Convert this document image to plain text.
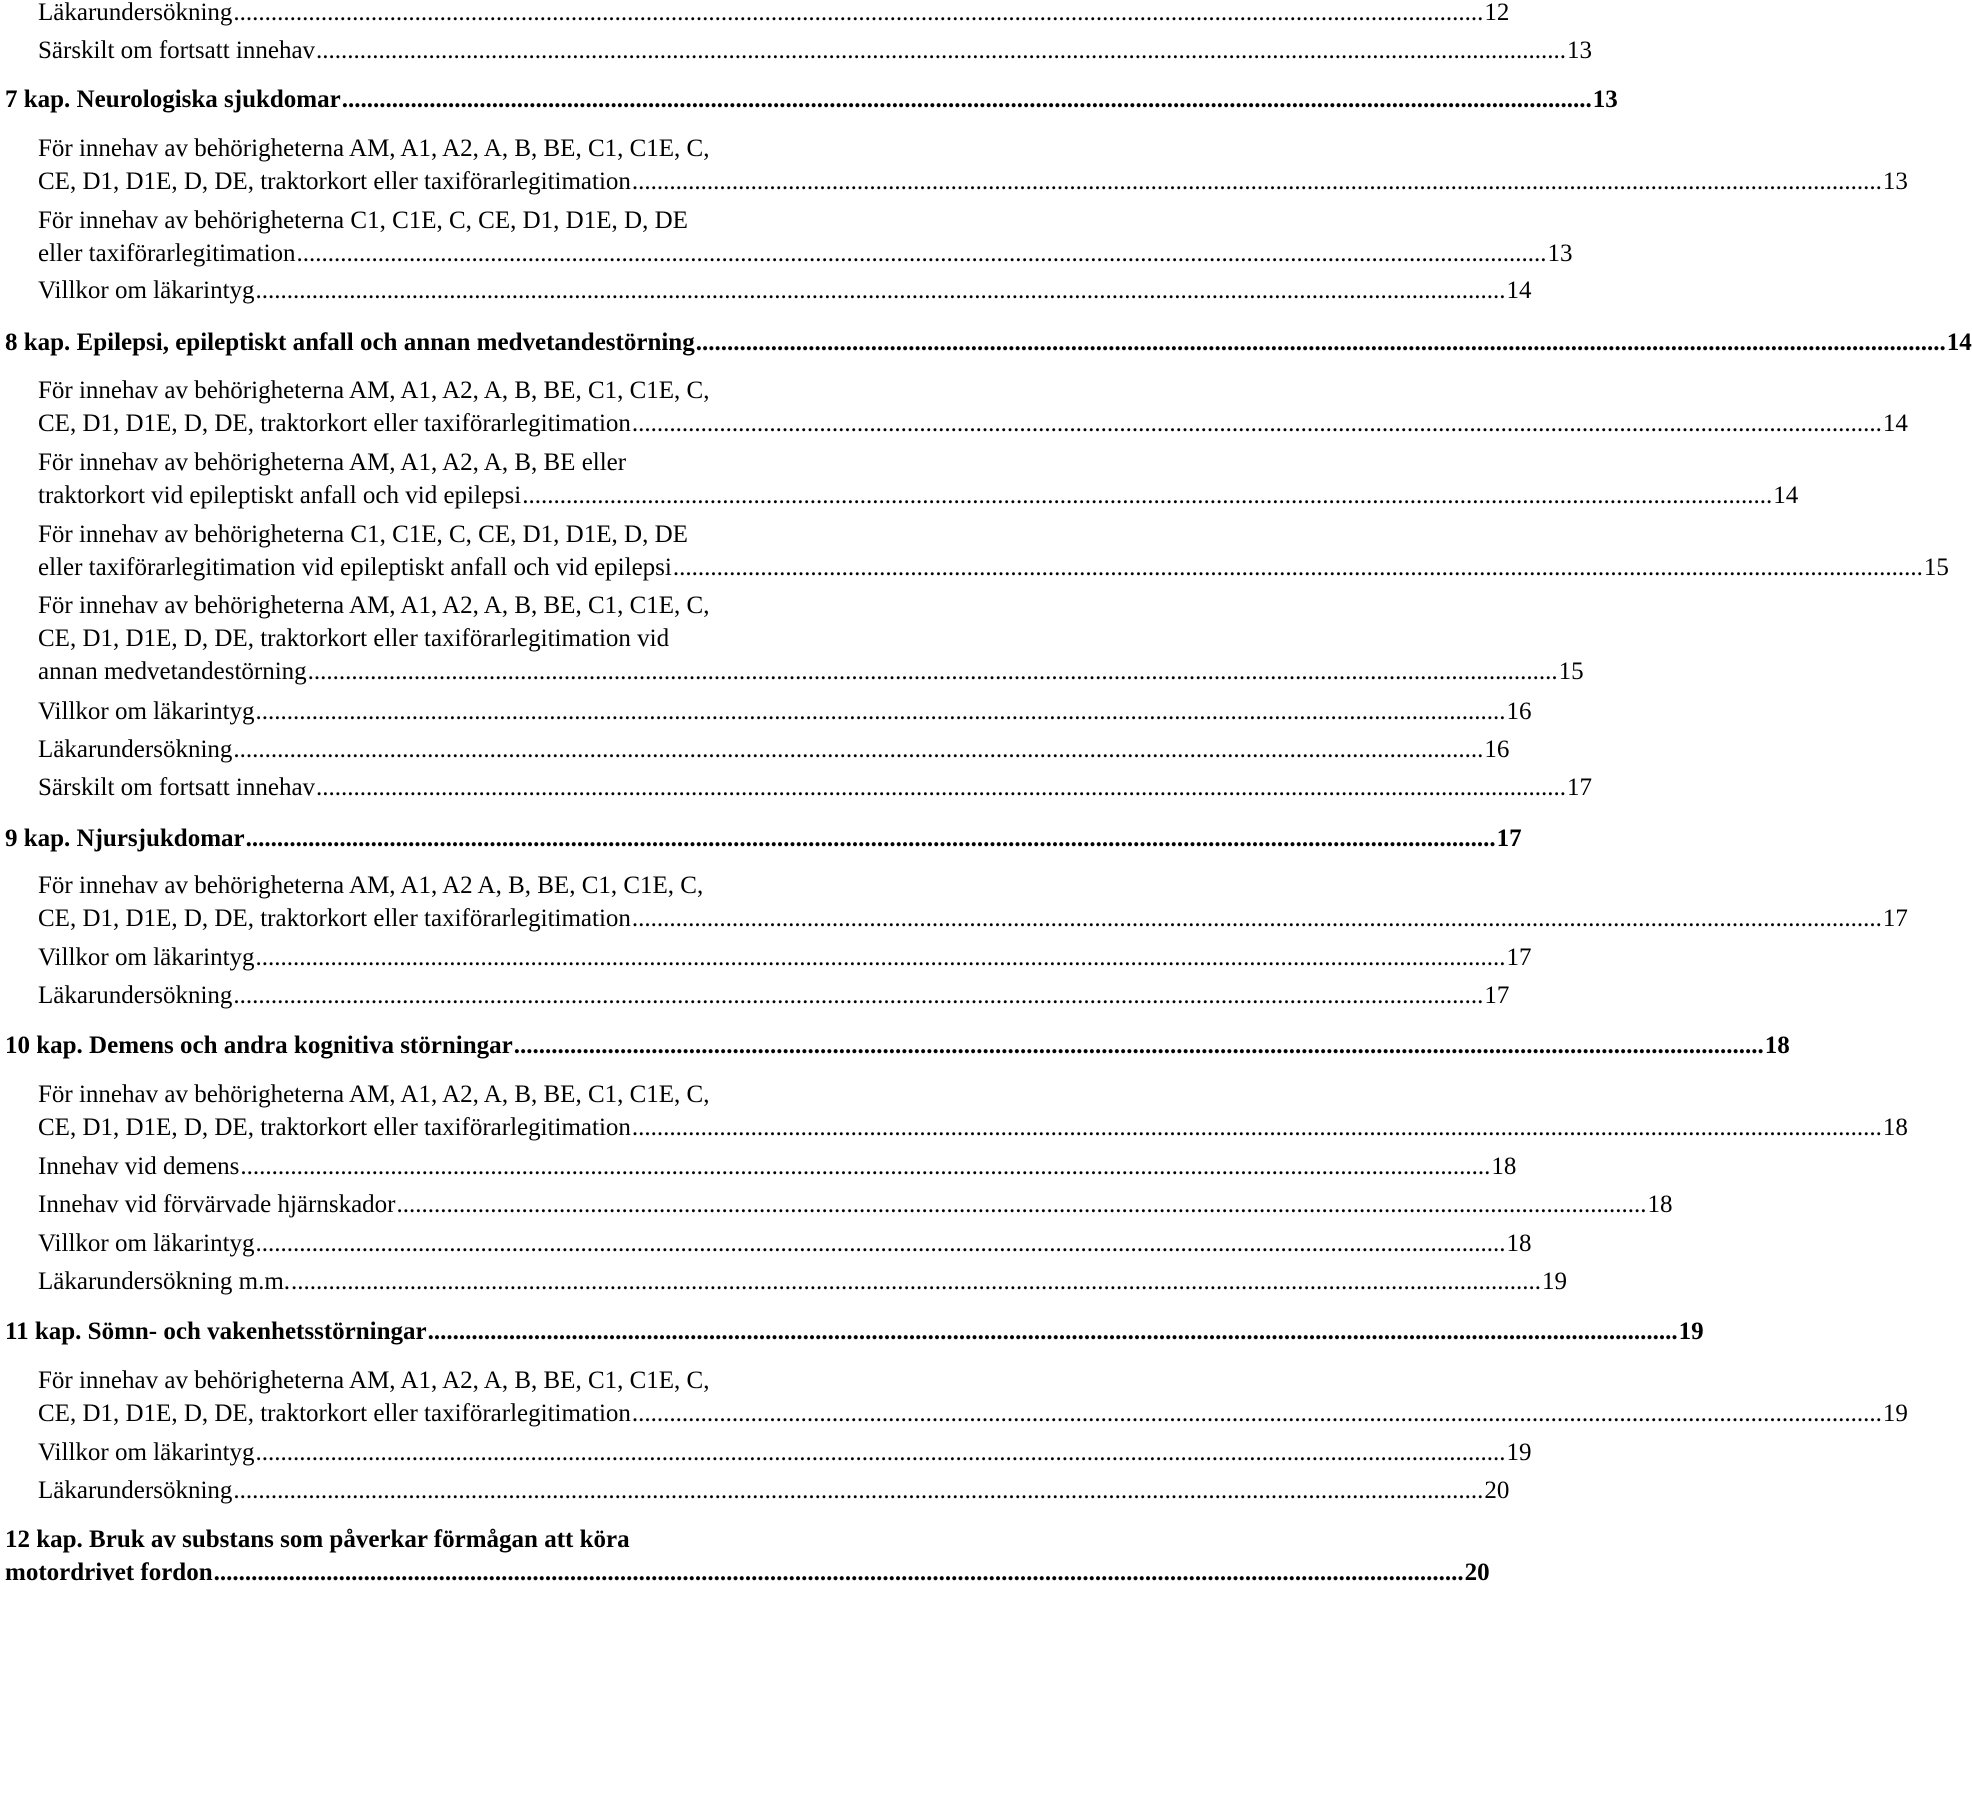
Läkarundersökning ........................................................................................................................................................................................................ 12
Särskilt om fortsatt innehav ........................................................................................................................................................................................................ 13
7 kap. Neurologiska sjukdomar ........................................................................................................................................................................................................ 13
För innehav av behörigheterna AM, A1, A2, A, B, BE, C1, C1E, C,
CE, D1, D1E, D, DE, traktorkort eller taxiförarlegitimation ........................................................................................................................................................................................................ 13
För innehav av behörigheterna C1, C1E, C, CE, D1, D1E, D, DE
eller taxiförarlegitimation ........................................................................................................................................................................................................ 13
Villkor om läkarintyg ........................................................................................................................................................................................................ 14
8 kap. Epilepsi, epileptiskt anfall och annan medvetandestörning ........................................................................................................................................................................................................ 14
För innehav av behörigheterna AM, A1, A2, A, B, BE, C1, C1E, C,
CE, D1, D1E, D, DE, traktorkort eller taxiförarlegitimation ........................................................................................................................................................................................................ 14
För innehav av behörigheterna AM, A1, A2, A, B, BE eller
traktorkort vid epileptiskt anfall och vid epilepsi ........................................................................................................................................................................................................ 14
För innehav av behörigheterna C1, C1E, C, CE, D1, D1E, D, DE
eller taxiförarlegitimation vid epileptiskt anfall och vid epilepsi ........................................................................................................................................................................................................ 15
För innehav av behörigheterna AM, A1, A2, A, B, BE, C1, C1E, C,
CE, D1, D1E, D, DE, traktorkort eller taxiförarlegitimation vid
annan medvetandestörning ........................................................................................................................................................................................................ 15
Villkor om läkarintyg ........................................................................................................................................................................................................ 16
Läkarundersökning ........................................................................................................................................................................................................ 16
Särskilt om fortsatt innehav ........................................................................................................................................................................................................ 17
9 kap. Njursjukdomar ........................................................................................................................................................................................................ 17
För innehav av behörigheterna AM, A1, A2 A, B, BE, C1, C1E, C,
CE, D1, D1E, D, DE, traktorkort eller taxiförarlegitimation ........................................................................................................................................................................................................ 17
Villkor om läkarintyg ........................................................................................................................................................................................................ 17
Läkarundersökning ........................................................................................................................................................................................................ 17
10 kap. Demens och andra kognitiva störningar ........................................................................................................................................................................................................ 18
För innehav av behörigheterna AM, A1, A2, A, B, BE, C1, C1E, C,
CE, D1, D1E, D, DE, traktorkort eller taxiförarlegitimation ........................................................................................................................................................................................................ 18
Innehav vid demens ........................................................................................................................................................................................................ 18
Innehav vid förvärvade hjärnskador ........................................................................................................................................................................................................ 18
Villkor om läkarintyg ........................................................................................................................................................................................................ 18
Läkarundersökning m.m. ........................................................................................................................................................................................................ 19
11 kap. Sömn- och vakenhetsstörningar ........................................................................................................................................................................................................ 19
För innehav av behörigheterna AM, A1, A2, A, B, BE, C1, C1E, C,
CE, D1, D1E, D, DE, traktorkort eller taxiförarlegitimation ........................................................................................................................................................................................................ 19
Villkor om läkarintyg ........................................................................................................................................................................................................ 19
Läkarundersökning ........................................................................................................................................................................................................ 20
12 kap. Bruk av substans som påverkar förmågan att köra
motordrivet fordon ........................................................................................................................................................................................................ 20
